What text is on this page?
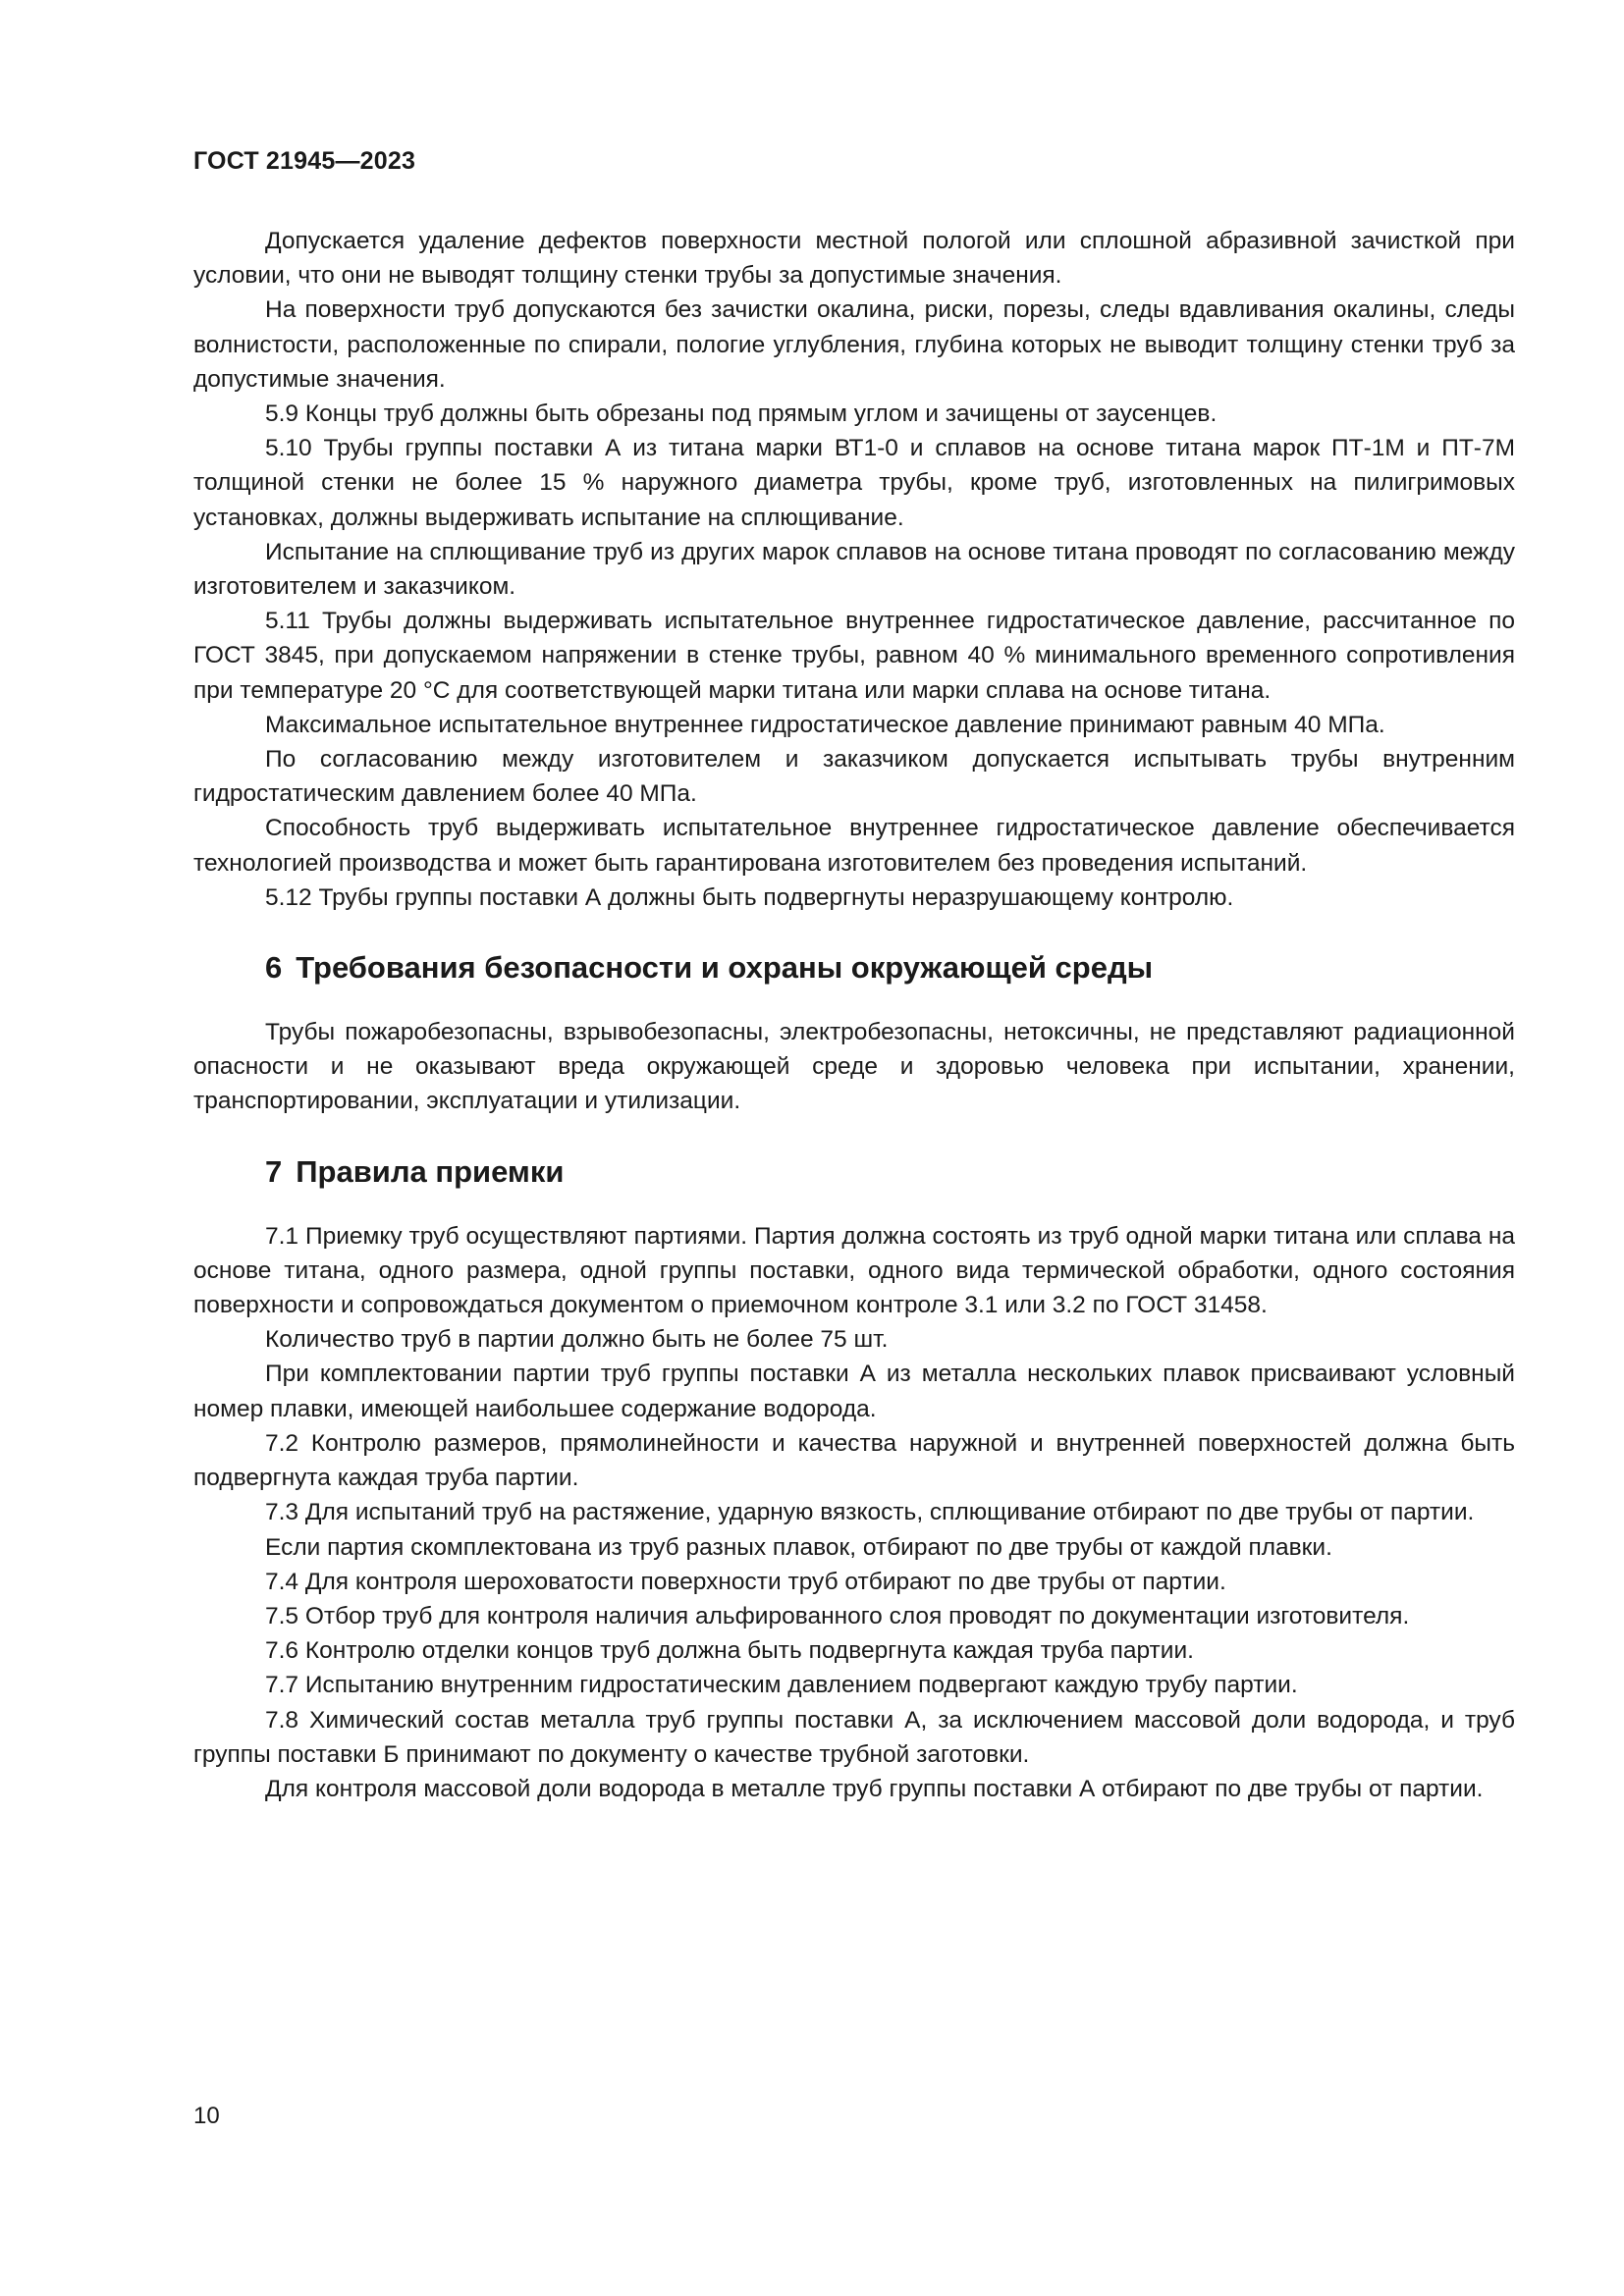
ГОСТ 21945—2023

Допускается удаление дефектов поверхности местной пологой или сплошной абразивной зачисткой при условии, что они не выводят толщину стенки трубы за допустимые значения.

На поверхности труб допускаются без зачистки окалина, риски, порезы, следы вдавливания окалины, следы волнистости, расположенные по спирали, пологие углубления, глубина которых не выводит толщину стенки труб за допустимые значения.

5.9 Концы труб должны быть обрезаны под прямым углом и зачищены от заусенцев.

5.10 Трубы группы поставки А из титана марки ВТ1-0 и сплавов на основе титана марок ПТ-1М и ПТ-7М толщиной стенки не более 15 % наружного диаметра трубы, кроме труб, изготовленных на пилигримовых установках, должны выдерживать испытание на сплющивание.

Испытание на сплющивание труб из других марок сплавов на основе титана проводят по согласованию между изготовителем и заказчиком.

5.11 Трубы должны выдерживать испытательное внутреннее гидростатическое давление, рассчитанное по ГОСТ 3845, при допускаемом напряжении в стенке трубы, равном 40 % минимального временного сопротивления при температуре 20 °С для соответствующей марки титана или марки сплава на основе титана.

Максимальное испытательное внутреннее гидростатическое давление принимают равным 40 МПа.

По согласованию между изготовителем и заказчиком допускается испытывать трубы внутренним гидростатическим давлением более 40 МПа.

Способность труб выдерживать испытательное внутреннее гидростатическое давление обеспечивается технологией производства и может быть гарантирована изготовителем без проведения испытаний.

5.12 Трубы группы поставки А должны быть подвергнуты неразрушающему контролю.

6 Требования безопасности и охраны окружающей среды

Трубы пожаробезопасны, взрывобезопасны, электробезопасны, нетоксичны, не представляют радиационной опасности и не оказывают вреда окружающей среде и здоровью человека при испытании, хранении, транспортировании, эксплуатации и утилизации.

7 Правила приемки

7.1 Приемку труб осуществляют партиями. Партия должна состоять из труб одной марки титана или сплава на основе титана, одного размера, одной группы поставки, одного вида термической обработки, одного состояния поверхности и сопровождаться документом о приемочном контроле 3.1 или 3.2 по ГОСТ 31458.

Количество труб в партии должно быть не более 75 шт.

При комплектовании партии труб группы поставки А из металла нескольких плавок присваивают условный номер плавки, имеющей наибольшее содержание водорода.

7.2 Контролю размеров, прямолинейности и качества наружной и внутренней поверхностей должна быть подвергнута каждая труба партии.

7.3 Для испытаний труб на растяжение, ударную вязкость, сплющивание отбирают по две трубы от партии.

Если партия скомплектована из труб разных плавок, отбирают по две трубы от каждой плавки.

7.4 Для контроля шероховатости поверхности труб отбирают по две трубы от партии.

7.5 Отбор труб для контроля наличия альфированного слоя проводят по документации изготовителя.

7.6 Контролю отделки концов труб должна быть подвергнута каждая труба партии.

7.7 Испытанию внутренним гидростатическим давлением подвергают каждую трубу партии.

7.8 Химический состав металла труб группы поставки А, за исключением массовой доли водорода, и труб группы поставки Б принимают по документу о качестве трубной заготовки.

Для контроля массовой доли водорода в металле труб группы поставки А отбирают по две трубы от партии.

10
